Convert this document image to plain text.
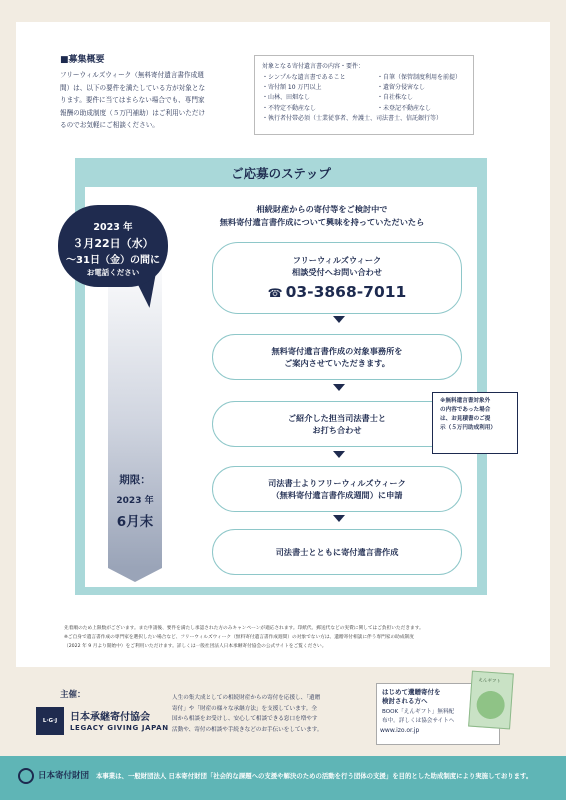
■募集概要

フリーウィルズウィーク（無料寄付遺言書作成週
間）は、以下の要件を満たしている方が対象とな
ります。要件に当てはまらない場合でも、専門家
報酬の助成制度（５万円補助）はご利用いただけ
るのでお気軽にご相談ください。

対象となる寄付遺言書の内容・要件：
・シンプルな遺言書であること
・寄付額 10 万円以上
・山林、田畑なし
・不特定不動産なし
・自筆（保管制度利用を前提）
・遺留分侵害なし
・自社株なし
・未登記不動産なし
・執行者付帯必須（士業従事者、弁護士、司法書士、信託銀行等）
ご応募のステップ
相続財産からの寄付等をご検討中で
無料寄付遺言書作成について興味を持っていただいたら
2023 年
３月22日（水）
〜31日（金）の間に
お電話ください
期限：
2023 年
6月末
フリーウィルズウィーク
相談受付へお問い合わせ
☎ 03-3868-7011
無料寄付遺言書作成の対象事務所を
ご案内させていただきます。
ご紹介した担当司法書士と
お打ち合わせ
※無料遺言書対象外
の内容であった場合
は、お見積書のご提
示（５万円助成利用）
司法書士よりフリーウィルズウィーク
（無料寄付遺言書作成週間）に申請
司法書士とともに寄付遺言書作成
先着順のため上限数がございます。また申請後、要件を満たし承認された方のみキャンペーンが適応されます。印紙代、郵送代などの実費に関してはご負担いただきます。
※ご自身で遺言書作成の専門家を選択したい場合など、フリーウィルズウィーク（無料寄付遺言書作成週間）の対象でない方は、遺贈寄付相談に伴う専門家の助成制度
（2022 年 9 月より開始中）をご利用いただけます。詳しくは一般社団法人日本承継寄付協会の公式サイトをご覧ください。
主催：
L·G·J	日本承継寄付協会
LEGACY GIVING JAPAN
人生の集大成としての相続財産からの寄付を応援し、「遺贈
寄付」や「財産の様々な承継方法」を支援しています。全
国から相談をお受けし、安心して相談できる窓口を増やす
活動や、寄付の相談や手続きなどのお手伝いをしています。
はじめて遺贈寄付を
検討される方へ
BOOK「えんギフト」無料配
布中。詳しくは協会サイトへ
www.izo.or.jp
えんギフト
日本寄付財団 本事業は、一般財団法人 日本寄付財団「社会的な課題への支援や解決のための活動を行う団体の支援」を目的とした助成制度により実施しております。
